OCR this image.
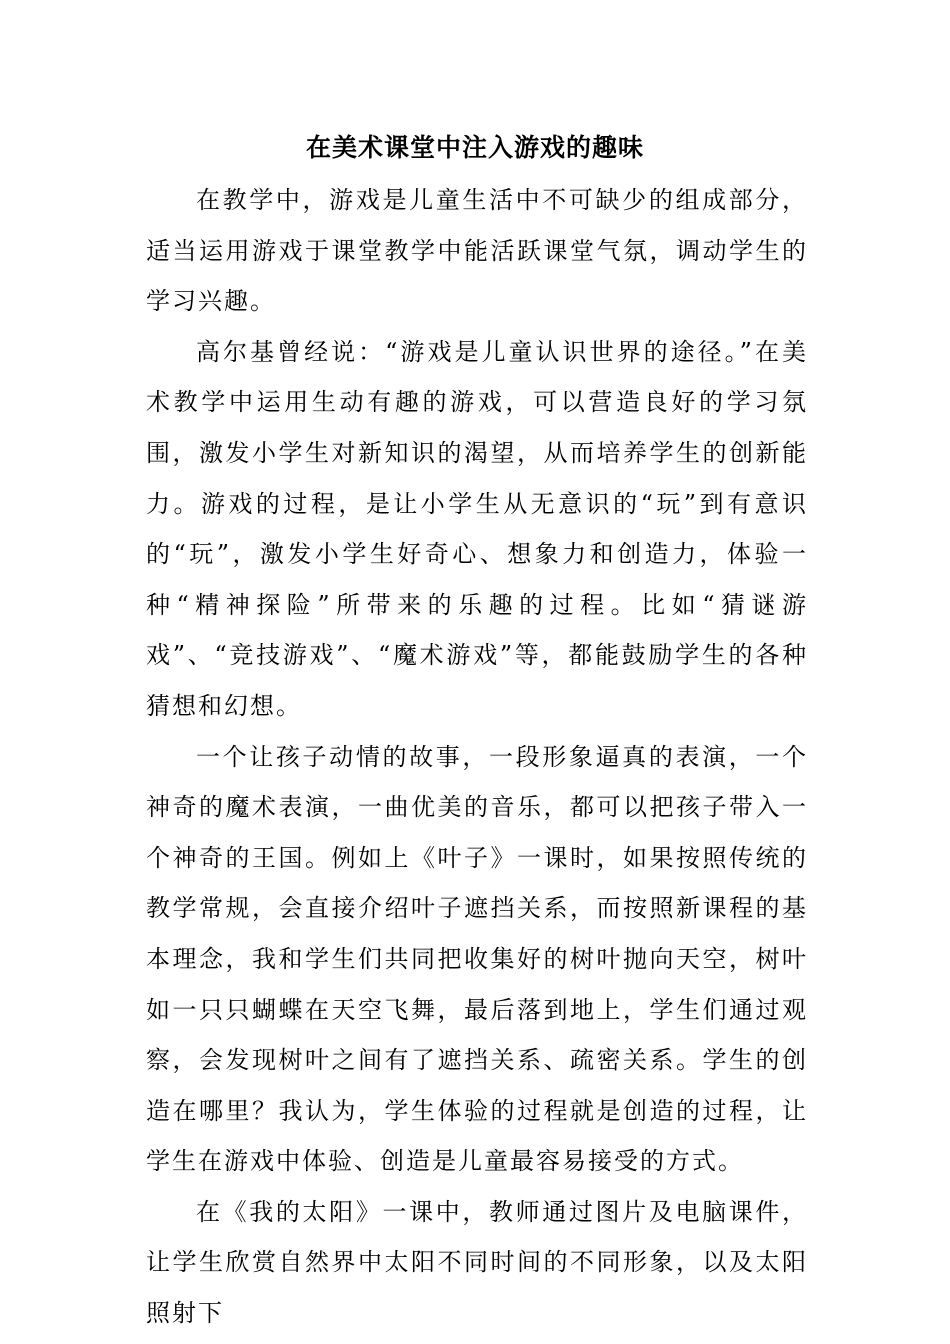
在美术课堂中注入游戏的趣味

在教学中，游戏是儿童生活中不可缺少的组成部分，适当运用游戏于课堂教学中能活跃课堂气氛，调动学生的学习兴趣。

高尔基曾经说：“游戏是儿童认识世界的途径。”在美术教学中运用生动有趣的游戏，可以营造良好的学习氛围，激发小学生对新知识的渴望，从而培养学生的创新能力。游戏的过程，是让小学生从无意识的“玩”到有意识的“玩”，激发小学生好奇心、想象力和创造力，体验一种“精神探险”所带来的乐趣的过程。比如“猜谜游戏”、“竞技游戏”、“魔术游戏”等，都能鼓励学生的各种猜想和幻想。

一个让孩子动情的故事，一段形象逼真的表演，一个神奇的魔术表演，一曲优美的音乐，都可以把孩子带入一个神奇的王国。例如上《叶子》一课时，如果按照传统的教学常规，会直接介绍叶子遮挡关系，而按照新课程的基本理念，我和学生们共同把收集好的树叶抛向天空，树叶如一只只蝴蝶在天空飞舞，最后落到地上，学生们通过观察，会发现树叶之间有了遮挡关系、疏密关系。学生的创造在哪里？我认为，学生体验的过程就是创造的过程，让学生在游戏中体验、创造是儿童最容易接受的方式。

在《我的太阳》一课中，教师通过图片及电脑课件，让学生欣赏自然界中太阳不同时间的不同形象，以及太阳照射下
